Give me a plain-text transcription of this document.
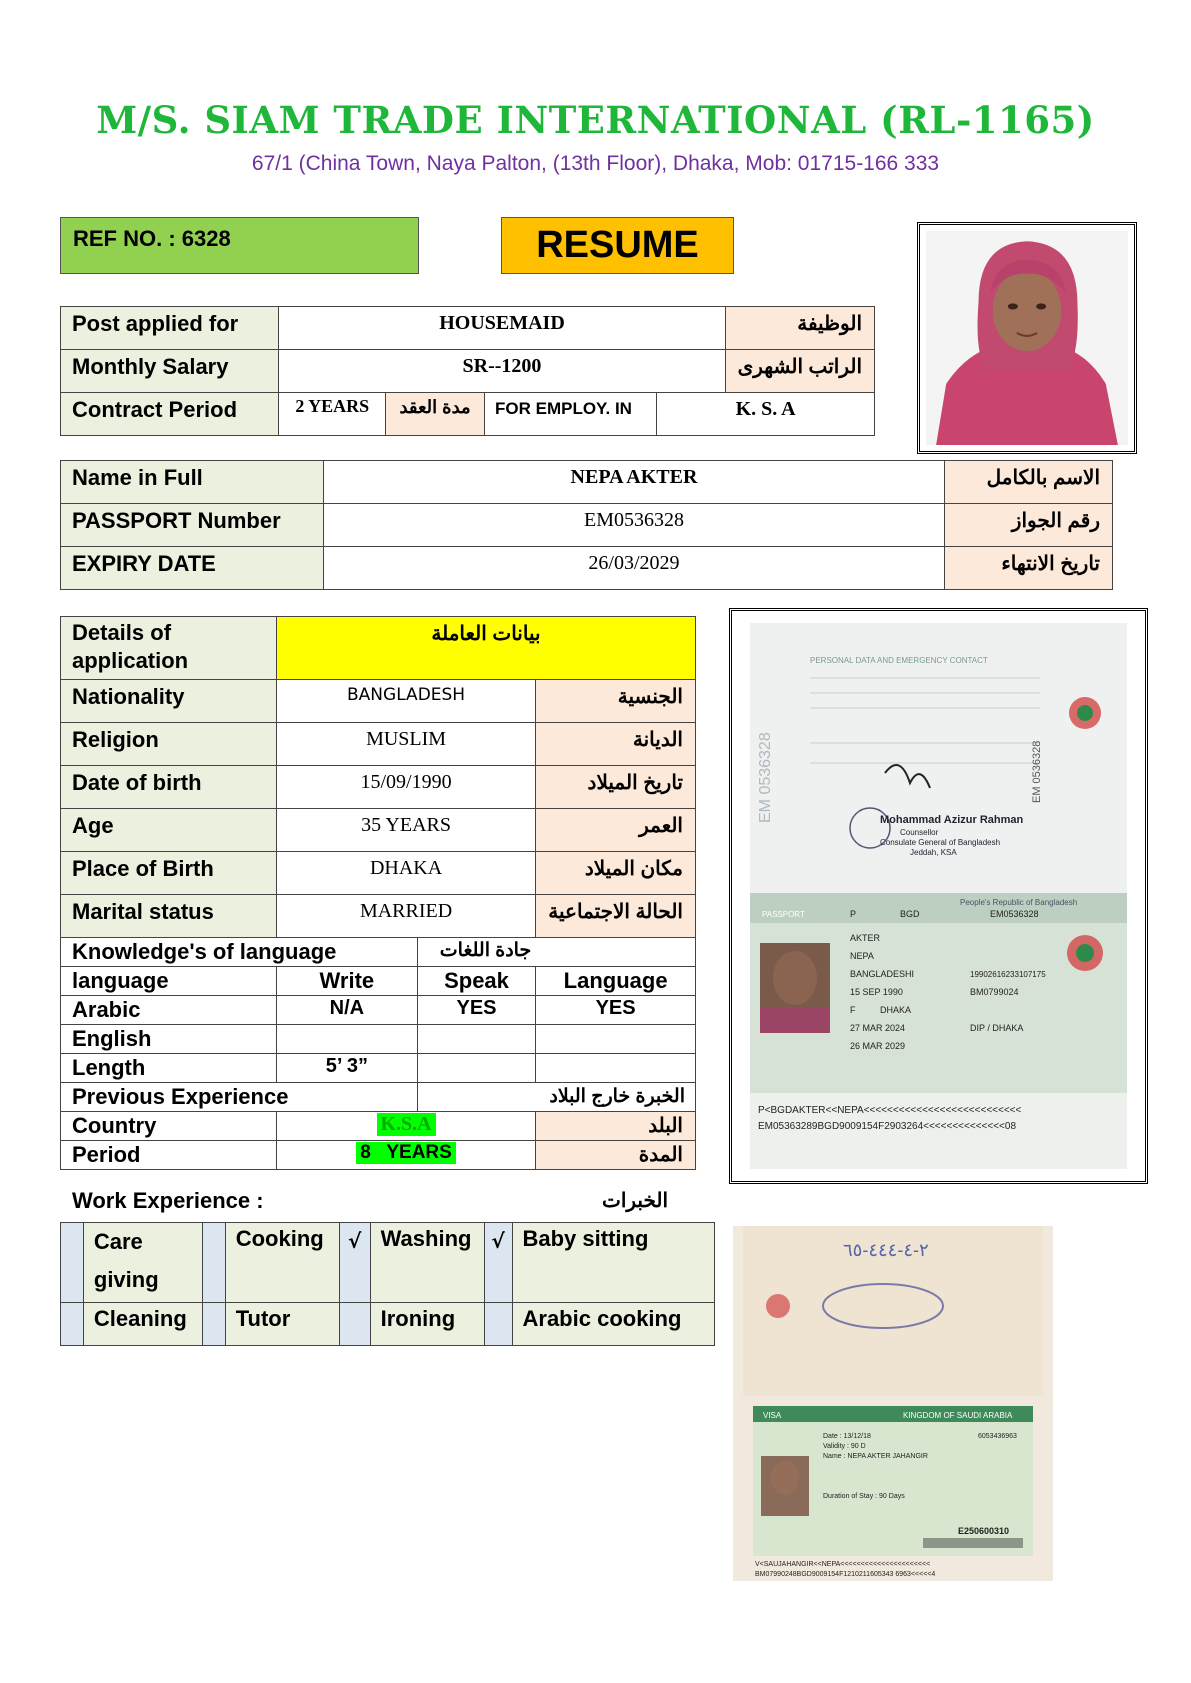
M/S. SIAM TRADE INTERNATIONAL (RL-1165)
67/1 (China Town, Naya Palton, (13th Floor), Dhaka, Mob: 01715-166 333
REF NO. : 6328	RESUME
Post applied for	HOUSEMAID				الوظيفة
Monthly Salary	SR--1200				الراتب الشهرى
Contract Period	2 YEARS	مدة العقد	FOR EMPLOY. IN	K. S. A	
Name in Full	NEPA AKTER	الاسم بالكامل
PASSPORT Number	EM0536328	رقم الجواز
EXPIRY DATE	26/03/2029	تاريخ الانتهاء
Details of application	بيانات العاملة		
Nationality	BANGLADESH		الجنسية
Religion	MUSLIM		الديانة
Date of birth	15/09/1990		تاريخ الميلاد
Age	35 YEARS		العمر
Place of Birth	DHAKA		مكان الميلاد
Marital status	MARRIED		الحالة الاجتماعية
Knowledge's of language		جادة اللغات	
language	Write	Speak	Language
Arabic	N/A	YES	YES
English			
Length	5’ 3”		
Previous Experience		الخبرة خارج البلاد	
Country	K.S.A		البلد
Period	8   YEARS		المدة
Work Experience :	الخبرات
	Care giving		Cooking	√	Washing	√	Baby sitting
	Cleaning		Tutor		Ironing		Arabic cooking
PERSONAL DATA AND EMERGENCY CONTACT
EM 0536328	EM 0536328
Mohammad Azizur Rahman
Counsellor
Consulate General of Bangladesh
Jeddah, KSA
PASSPORT
People's Republic of Bangladesh
P	BGD	EM0536328
AKTER
NEPA
BANGLADESHI	19902616233107175
15 SEP 1990	BM0799024
F	DHAKA
27 MAR 2024	DIP / DHAKA
26 MAR 2029
P<BGDAKTER<<NEPA<<<<<<<<<<<<<<<<<<<<<<<<<<<
EM05363289BGD9009154F2903264<<<<<<<<<<<<<<08
٢-٤-٤٤٤-٦٥
KINGDOM OF SAUDI ARABIA
VISA
Date : 13/12/18
Validity : 90 D
Name : NEPA AKTER JAHANGIR
6053436963
Duration of Stay : 90 Days
E250600310
V<SAUJAHANGIR<<NEPA<<<<<<<<<<<<<<<<<<<<<<
BM07990248BGD9009154F1210211605343 6963<<<<<4
